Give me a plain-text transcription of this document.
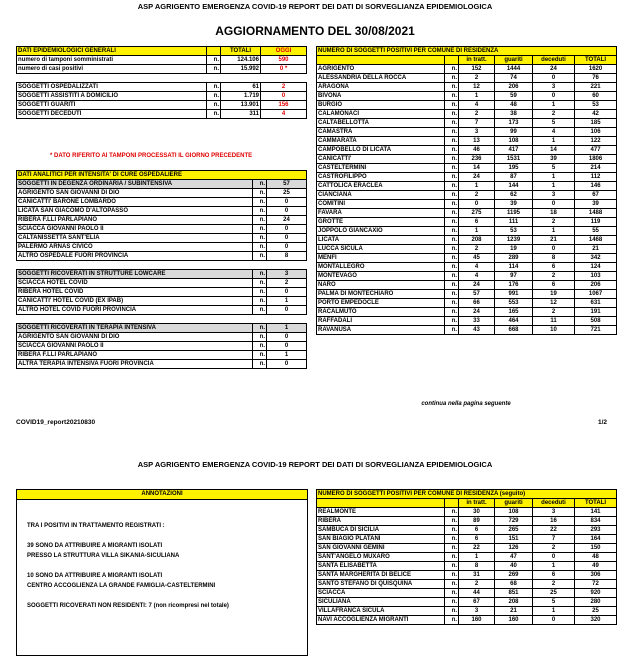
ASP AGRIGENTO EMERGENZA COVID-19 REPORT DEI DATI DI SORVEGLIANZA EPIDEMIOLOGICA
AGGIORNAMENTO DEL 30/08/2021
DATI EPIDEMIOLOGICI GENERALI		TOTALI	OGGI
numero di tamponi somministrati	n.	124.106	590
numero di casi positivi	n.	15.992	0 *

SOGGETTI OSPEDALIZZATI	n.	61	2
SOGGETTI ASSISTITI A DOMICILIO	n.	1.719	0
SOGGETTI GUARITI	n.	13.901	156
SOGGETTI DECEDUTI	n.	311	4
* DATO RIFERITO AI TAMPONI PROCESSATI IL GIORNO PRECEDENTE
DATI ANALITICI PER INTENSITA' DI CURE OSPEDALIERE		
SOGGETTI IN DEGENZA ORDINARIA / SUBINTENSIVA	n.	57
AGRIGENTO SAN GIOVANNI DI DIO	n.	25
CANICATTI' BARONE LOMBARDO	n.	0
LICATA SAN GIACOMO D'ALTOPASSO	n.	0
RIBERA F.LLI PARLAPIANO	n.	24
SCIACCA GIOVANNI PAOLO II	n.	0
CALTANISSETTA SANT'ELIA	n.	0
PALERMO ARNAS CIVICO	n.	0
ALTRO OSPEDALE FUORI PROVINCIA	n.	8

SOGGETTI RICOVERATI IN STRUTTURE LOWCARE	n.	3
SCIACCA HOTEL COVID	n.	2
RIBERA HOTEL COVID	n.	0
CANICATTI' HOTEL COVID (EX IPAB)	n.	1
ALTRO HOTEL COVID FUORI PROVINCIA	n.	0

SOGGETTI RICOVERATI IN TERAPIA INTENSIVA	n.	1
AGRIGENTO SAN GIOVANNI DI DIO	n.	0
SCIACCA GIOVANNI PAOLO II	n.	0
RIBERA F.LLI PARLAPIANO	n.	1
ALTRA TERAPIA INTENSIVA FUORI PROVINCIA	n.	0
NUMERO DI SOGGETTI POSITIVI PER COMUNE DI RESIDENZA					
		in tratt.	guariti	deceduti	TOTALI
AGRIGENTO	n.	152	1444	24	1620
ALESSANDRIA DELLA ROCCA	n.	2	74	0	76
ARAGONA	n.	12	206	3	221
BIVONA	n.	1	59	0	60
BURGIO	n.	4	48	1	53
CALAMONACI	n.	2	38	2	42
CALTABELLOTTA	n.	7	173	5	185
CAMASTRA	n.	3	99	4	106
CAMMARATA	n.	13	108	1	122
CAMPOBELLO DI LICATA	n.	46	417	14	477
CANICATTI'	n.	236	1531	39	1806
CASTELTERMINI	n.	14	195	5	214
CASTROFILIPPO	n.	24	87	1	112
CATTOLICA ERACLEA	n.	1	144	1	146
CIANCIANA	n.	2	62	3	67
COMITINI	n.	0	39	0	39
FAVARA	n.	275	1195	18	1488
GROTTE	n.	6	111	2	119
JOPPOLO GIANCAXIO	n.	1	53	1	55
LICATA	n.	208	1239	21	1468
LUCCA SICULA	n.	2	19	0	21
MENFI	n.	45	289	8	342
MONTALLEGRO	n.	4	114	6	124
MONTEVAGO	n.	4	97	2	103
NARO	n.	24	176	6	206
PALMA DI MONTECHIARO	n.	57	991	19	1067
PORTO EMPEDOCLE	n.	66	553	12	631
RACALMUTO	n.	24	165	2	191
RAFFADALI	n.	33	464	11	508
RAVANUSA	n.	43	668	10	721
continua nella pagina seguente
COVID19_report20210830	1/2
ASP AGRIGENTO EMERGENZA COVID-19 REPORT DEI DATI DI SORVEGLIANZA EPIDEMIOLOGICA
ANNOTAZIONI
TRA I POSITIVI IN TRATTAMENTO REGISTRATI :
39 SONO DA ATTRIBUIRE A MIGRANTI ISOLATI
PRESSO LA STRUTTURA VILLA SIKANIA-SICULIANA
10 SONO DA ATTRIBUIRE A MIGRANTI ISOLATI
CENTRO ACCOGLIENZA LA GRANDE FAMIGLIA-CASTELTERMINI
SOGGETTI RICOVERATI NON RESIDENTI: 7 (non ricompresi nel totale)
NUMERO DI SOGGETTI POSITIVI PER COMUNE DI RESIDENZA (seguito)					
		in tratt.	guariti	deceduti	TOTALI
REALMONTE	n.	30	108	3	141
RIBERA	n.	89	729	16	834
SAMBUCA DI SICILIA	n.	6	265	22	293
SAN BIAGIO PLATANI	n.	6	151	7	164
SAN GIOVANNI GEMINI	n.	22	126	2	150
SANT'ANGELO MUXARO	n.	1	47	0	48
SANTA ELISABETTA	n.	8	40	1	49
SANTA MARGHERITA DI BELICE	n.	31	269	6	306
SANTO STEFANO DI QUISQUINA	n.	2	68	2	72
SCIACCA	n.	44	851	25	920
SICULIANA	n.	67	208	5	280
VILLAFRANCA SICULA	n.	3	21	1	25
NAVI ACCOGLIENZA MIGRANTI	n.	160	160	0	320
